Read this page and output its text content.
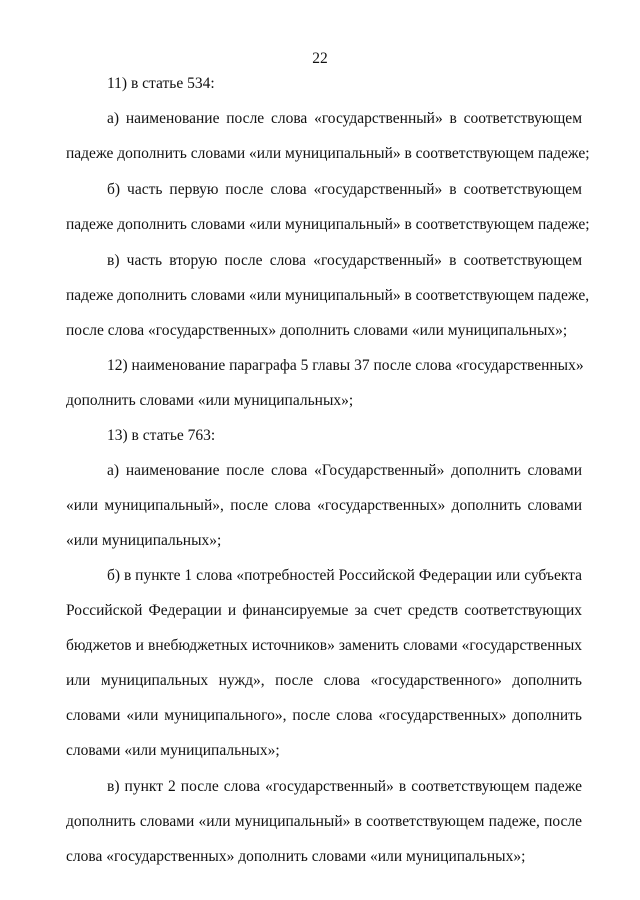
22
11) в статье 534:
а) наименование после слова «государственный» в соответствующем
падеже дополнить словами «или муниципальный» в соответствующем падеже;
б) часть первую после слова «государственный» в соответствующем
падеже дополнить словами «или муниципальный» в соответствующем падеже;
в) часть вторую после слова «государственный» в соответствующем
падеже дополнить словами «или муниципальный» в соответствующем падеже,
после слова «государственных» дополнить словами «или муниципальных»;
12) наименование параграфа 5 главы 37 после слова «государственных»
дополнить словами «или муниципальных»;
13) в статье 763:
а) наименование после слова «Государственный» дополнить словами
«или муниципальный», после слова «государственных» дополнить словами
«или муниципальных»;
б) в пункте 1 слова «потребностей Российской Федерации или субъекта
Российской Федерации и финансируемые за счет средств соответствующих
бюджетов и внебюджетных источников» заменить словами «государственных
или муниципальных нужд», после слова «государственного» дополнить
словами «или муниципального», после слова «государственных» дополнить
словами «или муниципальных»;
в) пункт 2 после слова «государственный» в соответствующем падеже
дополнить словами «или муниципальный» в соответствующем падеже, после
слова «государственных» дополнить словами «или муниципальных»;
